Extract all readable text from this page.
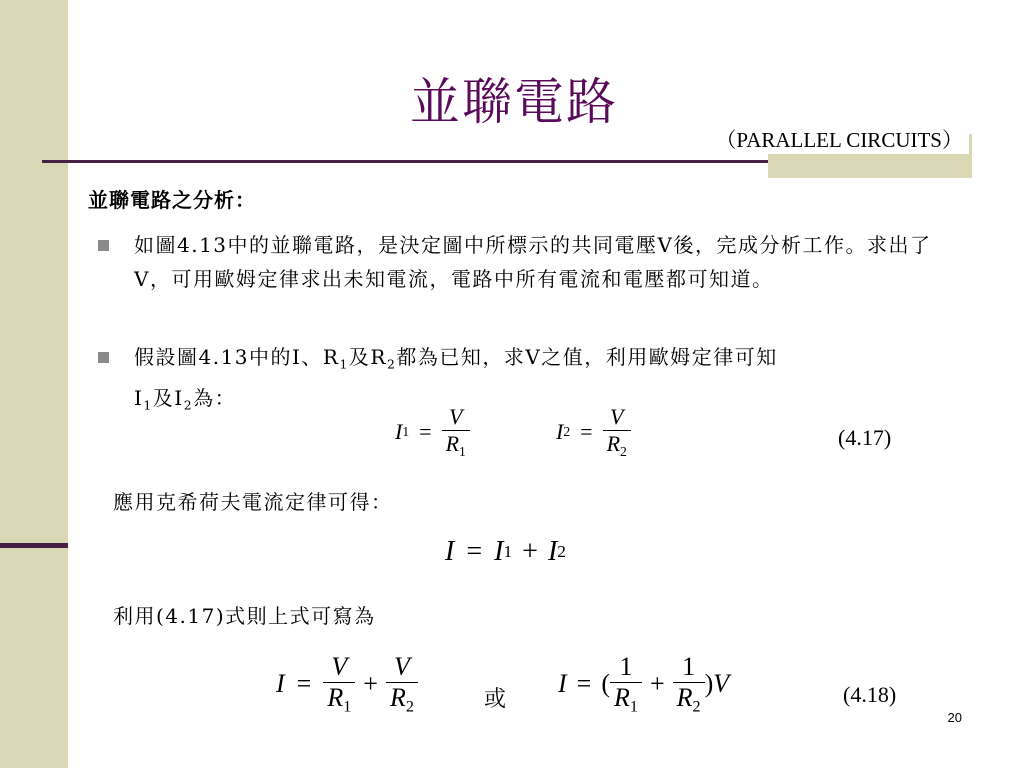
並聯電路
（PARALLEL CIRCUITS）
並聯電路之分析：
如圖4.13中的並聯電路，是決定圖中所標示的共同電壓V後，完成分析工作。求出了V，可用歐姆定律求出未知電流，電路中所有電流和電壓都可知道。
假設圖4.13中的I、$R_1$及$R_2$都為已知，求V之值，利用歐姆定律可知
$I_1$及$I_2$為：
I $1 = \frac{V}{R_1}$	I $2 = \frac{V}{R_2}$	(4.17)
應用克希荷夫電流定律可得：
I = I 1 + I 2
利用(4.17)式則上式可寫為
$I = \frac{V}{R_1} + \frac{V}{R_2}$	或
I = ( $\frac{1}{R_1} + \frac{1}{R_2}$ ) V	(4.18)
20
